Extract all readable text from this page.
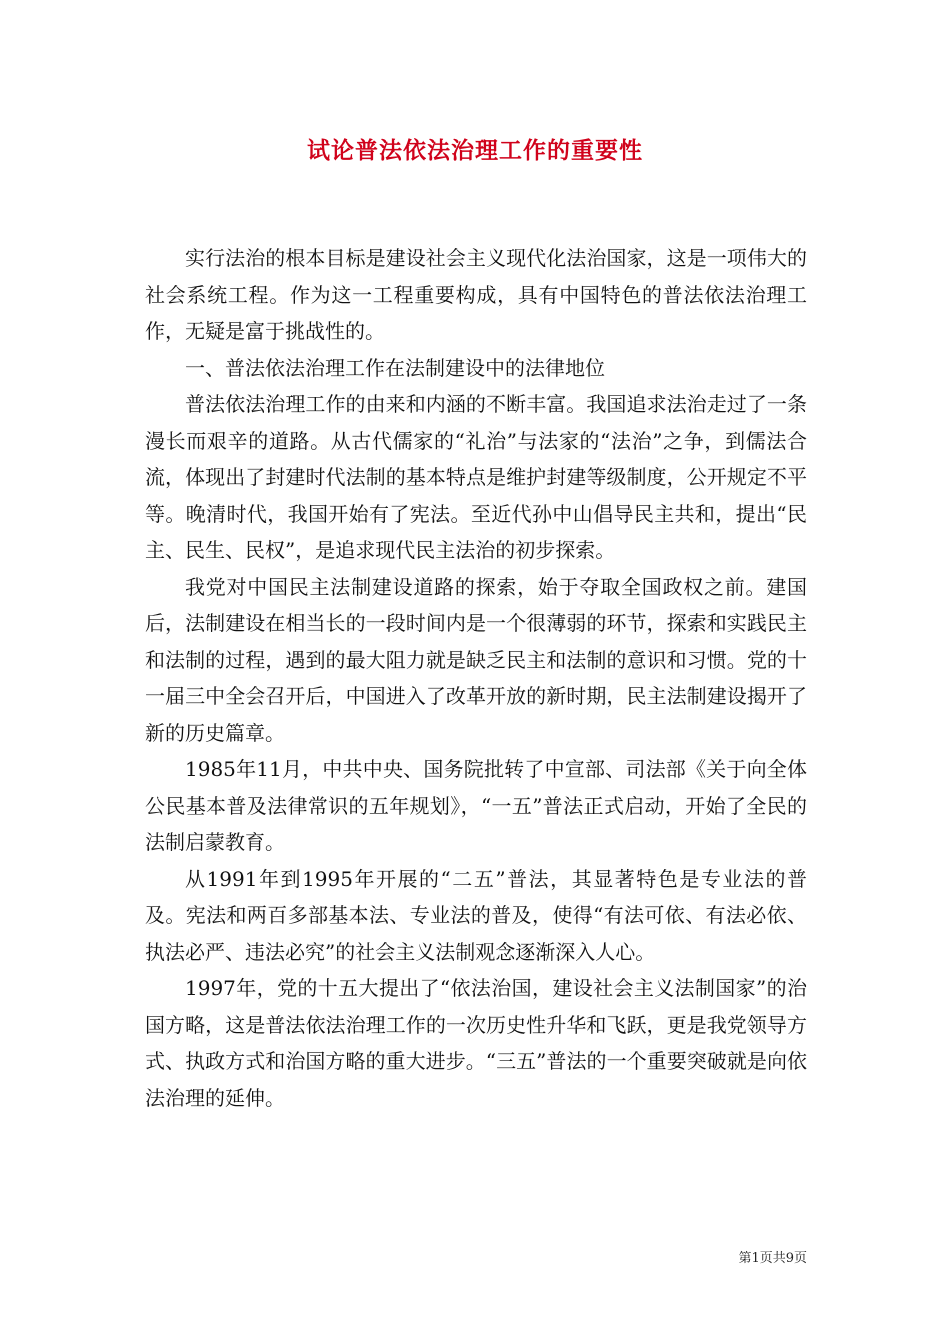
试论普法依法治理工作的重要性

实行法治的根本目标是建设社会主义现代化法治国家，这是一项伟大的社会系统工程。作为这一工程重要构成，具有中国特色的普法依法治理工作，无疑是富于挑战性的。

一、普法依法治理工作在法制建设中的法律地位

普法依法治理工作的由来和内涵的不断丰富。我国追求法治走过了一条漫长而艰辛的道路。从古代儒家的“礼治”与法家的“法治”之争，到儒法合流，体现出了封建时代法制的基本特点是维护封建等级制度，公开规定不平等。晚清时代，我国开始有了宪法。至近代孙中山倡导民主共和，提出“民主、民生、民权”，是追求现代民主法治的初步探索。

我党对中国民主法制建设道路的探索，始于夺取全国政权之前。建国后，法制建设在相当长的一段时间内是一个很薄弱的环节，探索和实践民主和法制的过程，遇到的最大阻力就是缺乏民主和法制的意识和习惯。党的十一届三中全会召开后，中国进入了改革开放的新时期，民主法制建设揭开了新的历史篇章。

1985年11月，中共中央、国务院批转了中宣部、司法部《关于向全体公民基本普及法律常识的五年规划》，“一五”普法正式启动，开始了全民的法制启蒙教育。

从1991年到1995年开展的“二五”普法，其显著特色是专业法的普及。宪法和两百多部基本法、专业法的普及，使得“有法可依、有法必依、执法必严、违法必究”的社会主义法制观念逐渐深入人心。

1997年，党的十五大提出了“依法治国，建设社会主义法制国家”的治国方略，这是普法依法治理工作的一次历史性升华和飞跃，更是我党领导方式、执政方式和治国方略的重大进步。“三五”普法的一个重要突破就是向依法治理的延伸。

第1页共9页
